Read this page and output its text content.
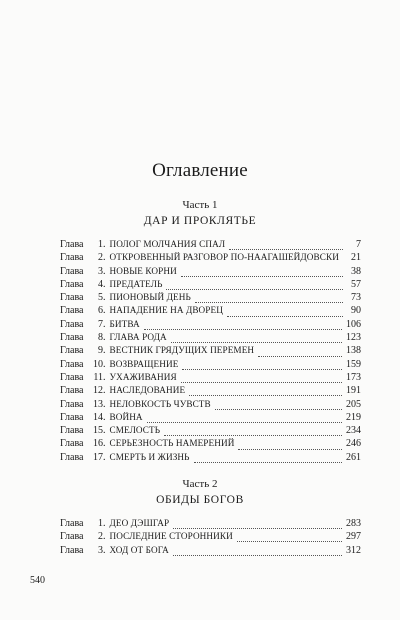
Оглавление
Часть 1
ДАР И ПРОКЛЯТЬЕ
Глава	1. ПОЛОГ МОЛЧАНИЯ СПАЛ	7
Глава	2. ОТКРОВЕННЫЙ РАЗГОВОР ПО-НААГАШЕЙДОВСКИ	21
Глава	3. НОВЫЕ КОРНИ	38
Глава	4. ПРЕДАТЕЛЬ	57
Глава	5. ПИОНОВЫЙ ДЕНЬ	73
Глава	6. НАПАДЕНИЕ НА ДВОРЕЦ	90
Глава	7. БИТВА	106
Глава	8. ГЛАВА РОДА	123
Глава	9. ВЕСТНИК ГРЯДУЩИХ ПЕРЕМЕН	138
Глава 10. ВОЗВРАЩЕНИЕ	159
Глава 11. УХАЖИВАНИЯ	173
Глава 12. НАСЛЕДОВАНИЕ	191
Глава 13. НЕЛОВКОСТЬ ЧУВСТВ	205
Глава 14. ВОЙНА	219
Глава 15. СМЕЛОСТЬ	234
Глава 16. СЕРЬЕЗНОСТЬ НАМЕРЕНИЙ	246
Глава 17. СМЕРТЬ И ЖИЗНЬ	261
Часть 2
ОБИДЫ БОГОВ
Глава	1. ДЕО ДЭШГАР	283
Глава	2. ПОСЛЕДНИЕ СТОРОННИКИ	297
Глава	3. ХОД ОТ БОГА	312
540
